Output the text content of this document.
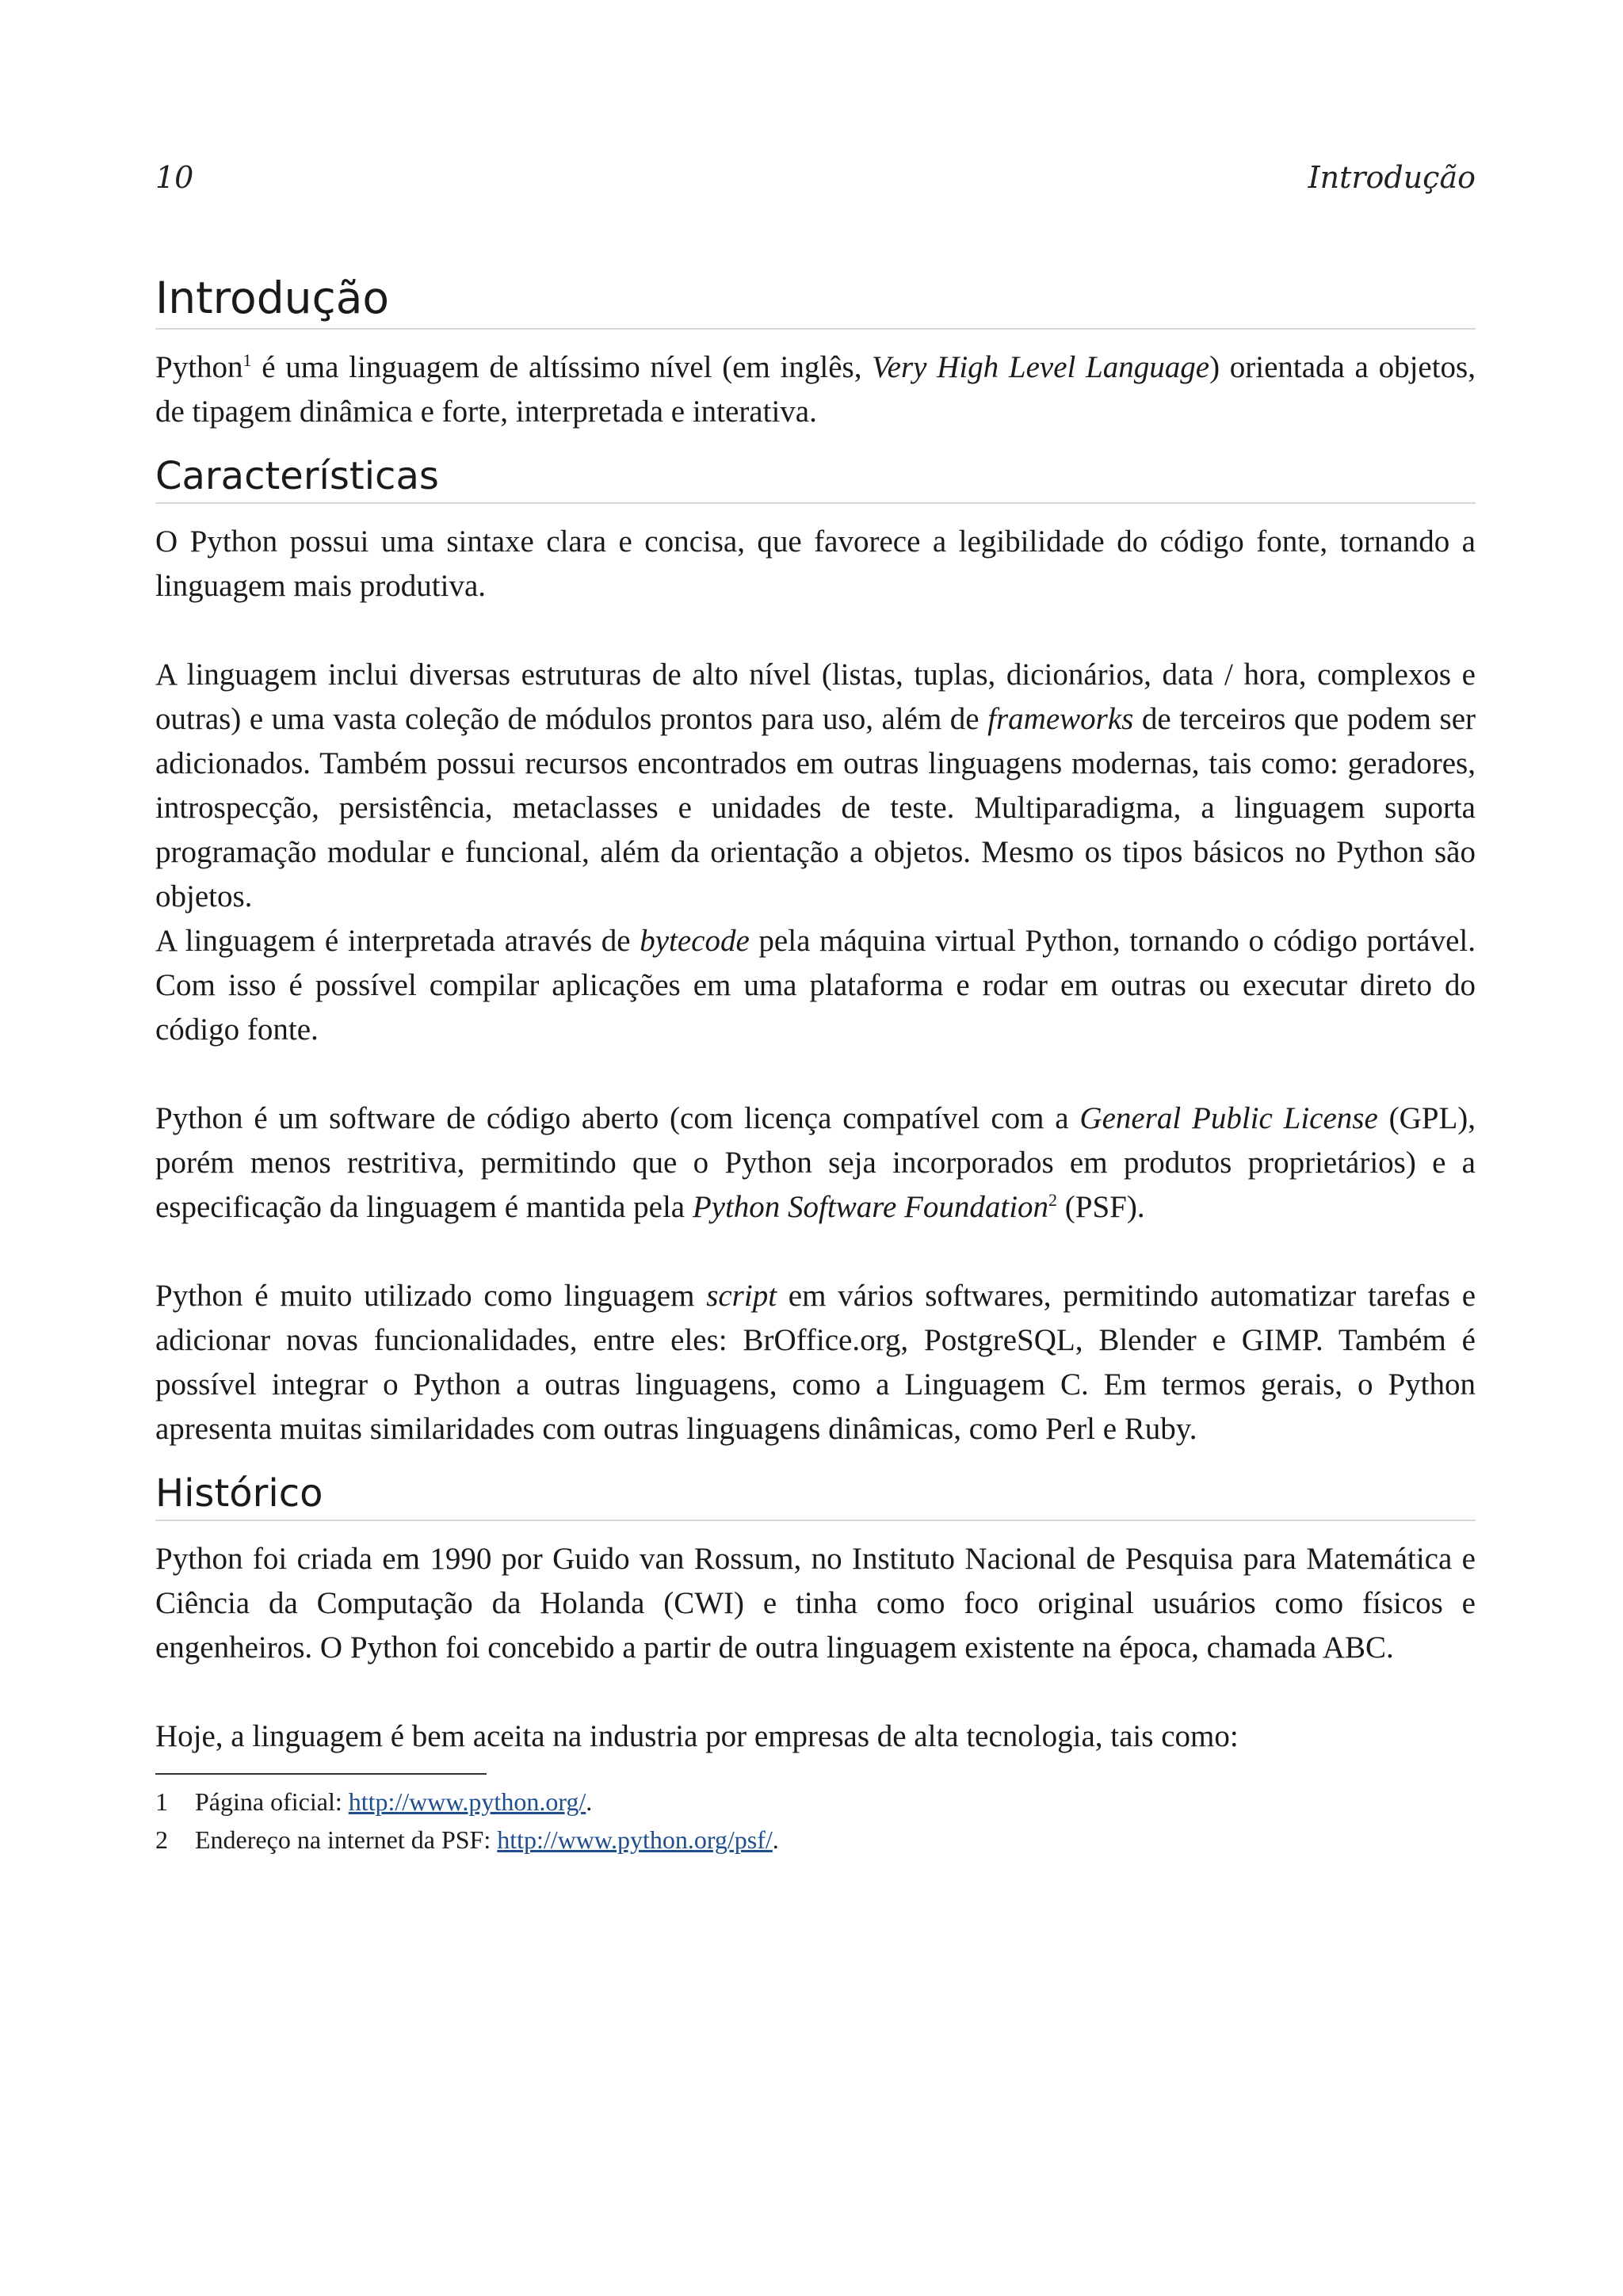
10	Introdução
Introdução

Python$^1$ é uma linguagem de altíssimo nível (em inglês, Very High Level Language) orientada a objetos, de tipagem dinâmica e forte, interpretada e interativa.

Características

O Python possui uma sintaxe clara e concisa, que favorece a legibilidade do código fonte, tornando a linguagem mais produtiva.

A linguagem inclui diversas estruturas de alto nível (listas, tuplas, dicionários, data / hora, complexos e outras) e uma vasta coleção de módulos prontos para uso, além de frameworks de terceiros que podem ser adicionados. Também possui recursos encontrados em outras linguagens modernas, tais como: geradores, introspecção, persistência, metaclasses e unidades de teste. Multiparadigma, a linguagem suporta programação modular e funcional, além da orientação a objetos. Mesmo os tipos básicos no Python são objetos.

A linguagem é interpretada através de bytecode pela máquina virtual Python, tornando o código portável. Com isso é possível compilar aplicações em uma plataforma e rodar em outras ou executar direto do código fonte.

Python é um software de código aberto (com licença compatível com a General Public License (GPL), porém menos restritiva, permitindo que o Python seja incorporados em produtos proprietários) e a especificação da linguagem é mantida pela Python Software Foundation$^2$ (PSF).

Python é muito utilizado como linguagem script em vários softwares, permitindo automatizar tarefas e adicionar novas funcionalidades, entre eles: BrOffice.org, PostgreSQL, Blender e GIMP. Também é possível integrar o Python a outras linguagens, como a Linguagem C. Em termos gerais, o Python apresenta muitas similaridades com outras linguagens dinâmicas, como Perl e Ruby.

Histórico

Python foi criada em 1990 por Guido van Rossum, no Instituto Nacional de Pesquisa para Matemática e Ciência da Computação da Holanda (CWI) e tinha como foco original usuários como físicos e engenheiros. O Python foi concebido a partir de outra linguagem existente na época, chamada ABC.

Hoje, a linguagem é bem aceita na industria por empresas de alta tecnologia, tais como:

1 Página oficial: http://www.python.org/.
2 Endereço na internet da PSF: http://www.python.org/psf/.
